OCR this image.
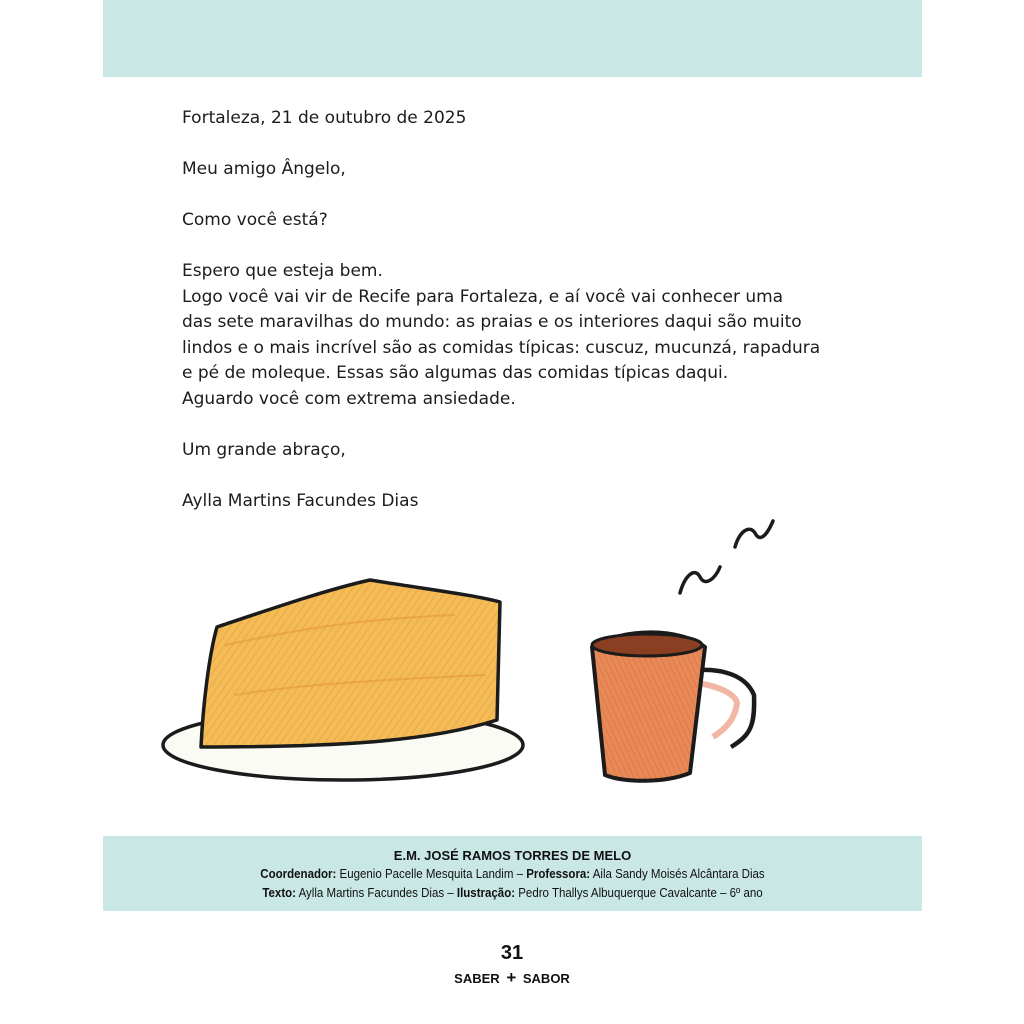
Fortaleza, 21 de outubro de 2025

Meu amigo Ângelo,

Como você está?

Espero que esteja bem.

Logo você vai vir de Recife para Fortaleza, e aí você vai conhecer uma

das sete maravilhas do mundo: as praias e os interiores daqui são muito

lindos e o mais incrível são as comidas típicas: cuscuz, mucunzá, rapadura

e pé de moleque. Essas são algumas das comidas típicas daqui.

Aguardo você com extrema ansiedade.

Um grande abraço,

Aylla Martins Facundes Dias

E.M. JOSÉ RAMOS TORRES DE MELO
Coordenador: Eugenio Pacelle Mesquita Landim – Professora: Aila Sandy Moisés Alcântara Dias
Texto: Aylla Martins Facundes Dias – Ilustração: Pedro Thallys Albuquerque Cavalcante – 6º ano
31
SABER + SABOR
